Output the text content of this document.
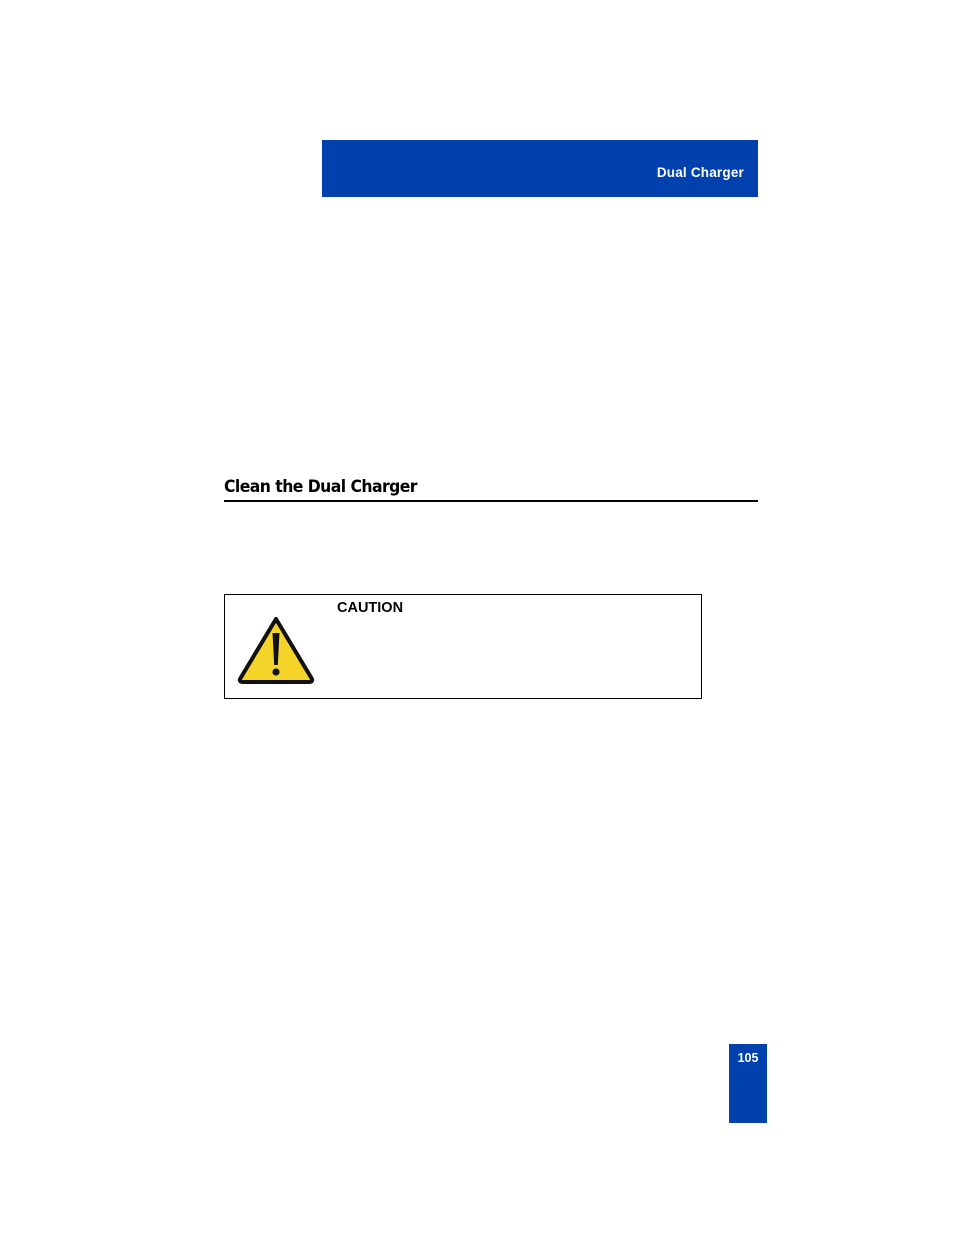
Dual Charger
Clean the Dual Charger
CAUTION
105
